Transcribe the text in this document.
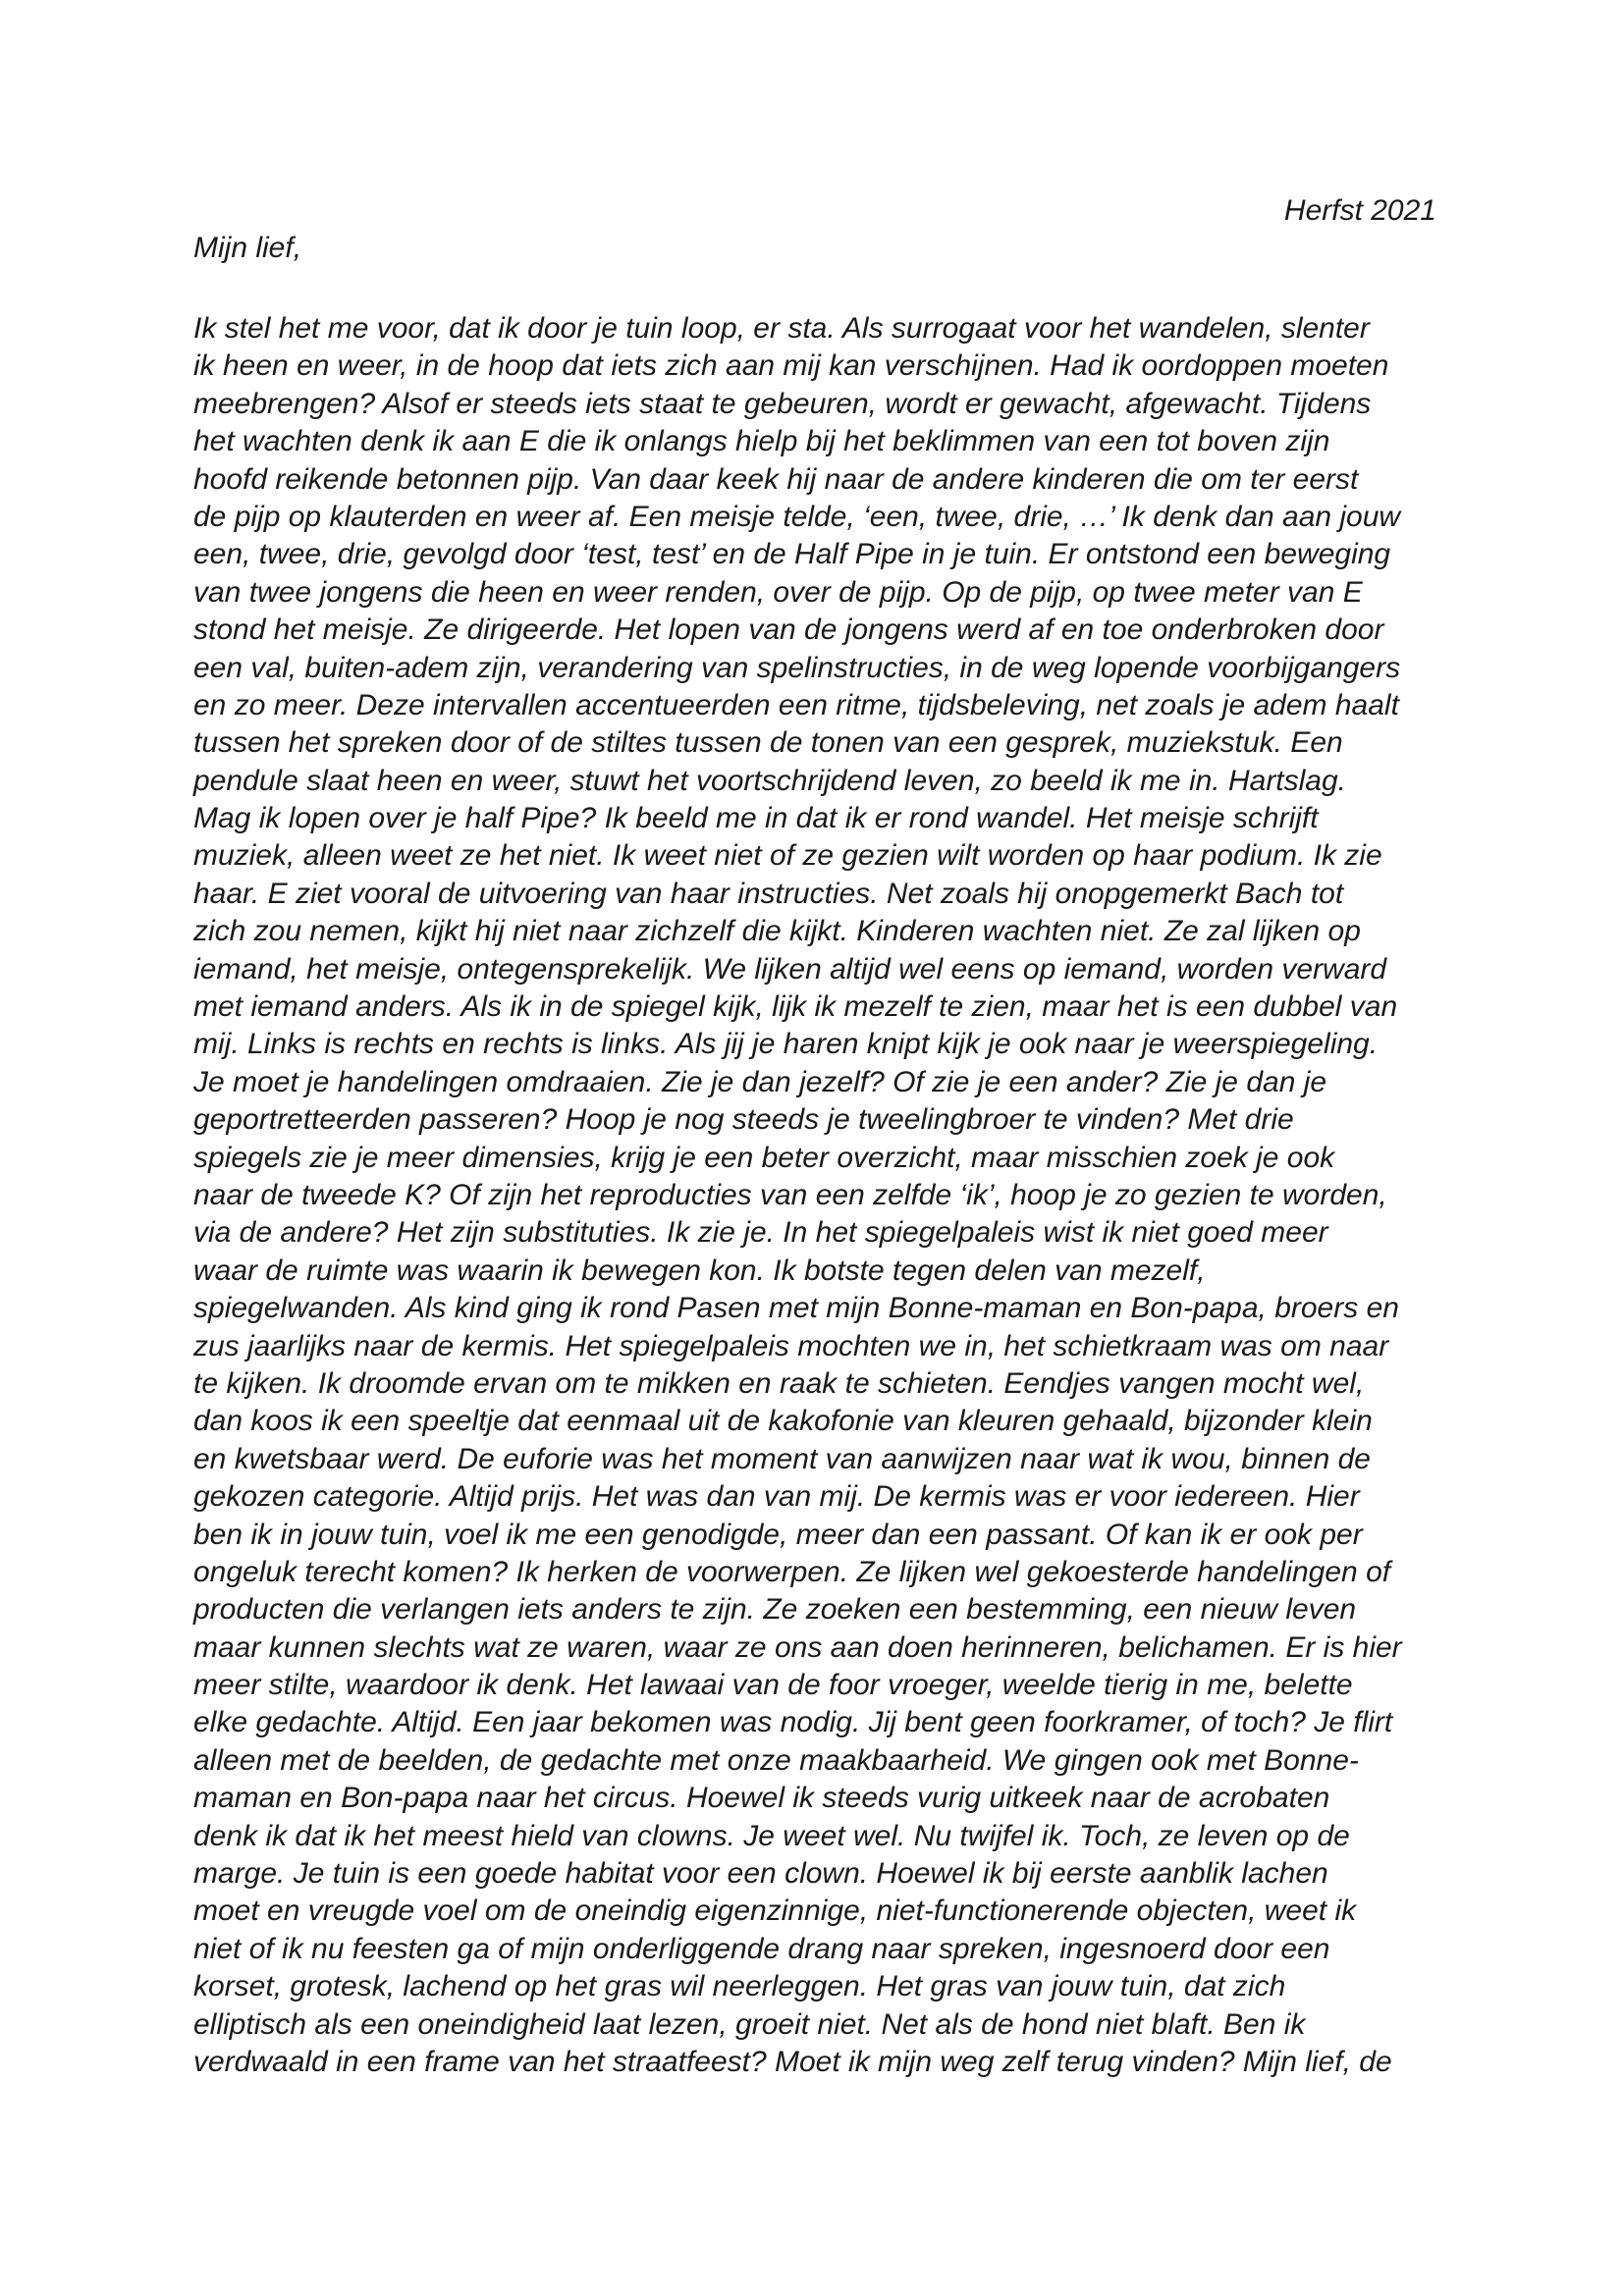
Herfst 2021
Mijn lief,
Ik stel het me voor, dat ik door je tuin loop, er sta. Als surrogaat voor het wandelen, slenter
ik heen en weer, in de hoop dat iets zich aan mij kan verschijnen. Had ik oordoppen moeten
meebrengen? Alsof er steeds iets staat te gebeuren, wordt er gewacht, afgewacht. Tijdens
het wachten denk ik aan E die ik onlangs hielp bij het beklimmen van een tot boven zijn
hoofd reikende betonnen pijp. Van daar keek hij naar de andere kinderen die om ter eerst
de pijp op klauterden en weer af. Een meisje telde, ‘een, twee, drie, …’ Ik denk dan aan jouw
een, twee, drie, gevolgd door ‘test, test’ en de Half Pipe in je tuin. Er ontstond een beweging
van twee jongens die heen en weer renden, over de pijp. Op de pijp, op twee meter van E
stond het meisje. Ze dirigeerde. Het lopen van de jongens werd af en toe onderbroken door
een val, buiten-adem zijn, verandering van spelinstructies, in de weg lopende voorbijgangers
en zo meer. Deze intervallen accentueerden een ritme, tijdsbeleving, net zoals je adem haalt
tussen het spreken door of de stiltes tussen de tonen van een gesprek, muziekstuk. Een
pendule slaat heen en weer, stuwt het voortschrijdend leven, zo beeld ik me in. Hartslag.
Mag ik lopen over je half Pipe? Ik beeld me in dat ik er rond wandel. Het meisje schrijft
muziek, alleen weet ze het niet. Ik weet niet of ze gezien wilt worden op haar podium. Ik zie
haar. E ziet vooral de uitvoering van haar instructies. Net zoals hij onopgemerkt Bach tot
zich zou nemen, kijkt hij niet naar zichzelf die kijkt. Kinderen wachten niet. Ze zal lijken op
iemand, het meisje, ontegensprekelijk. We lijken altijd wel eens op iemand, worden verward
met iemand anders. Als ik in de spiegel kijk, lijk ik mezelf te zien, maar het is een dubbel van
mij. Links is rechts en rechts is links. Als jij je haren knipt kijk je ook naar je weerspiegeling.
Je moet je handelingen omdraaien. Zie je dan jezelf? Of zie je een ander? Zie je dan je
geportretteerden passeren? Hoop je nog steeds je tweelingbroer te vinden? Met drie
spiegels zie je meer dimensies, krijg je een beter overzicht, maar misschien zoek je ook
naar de tweede K? Of zijn het reproducties van een zelfde ‘ik’, hoop je zo gezien te worden,
via de andere? Het zijn substituties. Ik zie je. In het spiegelpaleis wist ik niet goed meer
waar de ruimte was waarin ik bewegen kon. Ik botste tegen delen van mezelf,
spiegelwanden. Als kind ging ik rond Pasen met mijn Bonne-maman en Bon-papa, broers en
zus jaarlijks naar de kermis. Het spiegelpaleis mochten we in, het schietkraam was om naar
te kijken. Ik droomde ervan om te mikken en raak te schieten. Eendjes vangen mocht wel,
dan koos ik een speeltje dat eenmaal uit de kakofonie van kleuren gehaald, bijzonder klein
en kwetsbaar werd. De euforie was het moment van aanwijzen naar wat ik wou, binnen de
gekozen categorie. Altijd prijs. Het was dan van mij. De kermis was er voor iedereen. Hier
ben ik in jouw tuin, voel ik me een genodigde, meer dan een passant. Of kan ik er ook per
ongeluk terecht komen? Ik herken de voorwerpen. Ze lijken wel gekoesterde handelingen of
producten die verlangen iets anders te zijn. Ze zoeken een bestemming, een nieuw leven
maar kunnen slechts wat ze waren, waar ze ons aan doen herinneren, belichamen. Er is hier
meer stilte, waardoor ik denk. Het lawaai van de foor vroeger, weelde tierig in me, belette
elke gedachte. Altijd. Een jaar bekomen was nodig. Jij bent geen foorkramer, of toch? Je flirt
alleen met de beelden, de gedachte met onze maakbaarheid. We gingen ook met Bonne-
maman en Bon-papa naar het circus. Hoewel ik steeds vurig uitkeek naar de acrobaten
denk ik dat ik het meest hield van clowns. Je weet wel. Nu twijfel ik. Toch, ze leven op de
marge. Je tuin is een goede habitat voor een clown. Hoewel ik bij eerste aanblik lachen
moet en vreugde voel om de oneindig eigenzinnige, niet-functionerende objecten, weet ik
niet of ik nu feesten ga of mijn onderliggende drang naar spreken, ingesnoerd door een
korset, grotesk, lachend op het gras wil neerleggen. Het gras van jouw tuin, dat zich
elliptisch als een oneindigheid laat lezen, groeit niet. Net als de hond niet blaft. Ben ik
verdwaald in een frame van het straatfeest? Moet ik mijn weg zelf terug vinden? Mijn lief, de
